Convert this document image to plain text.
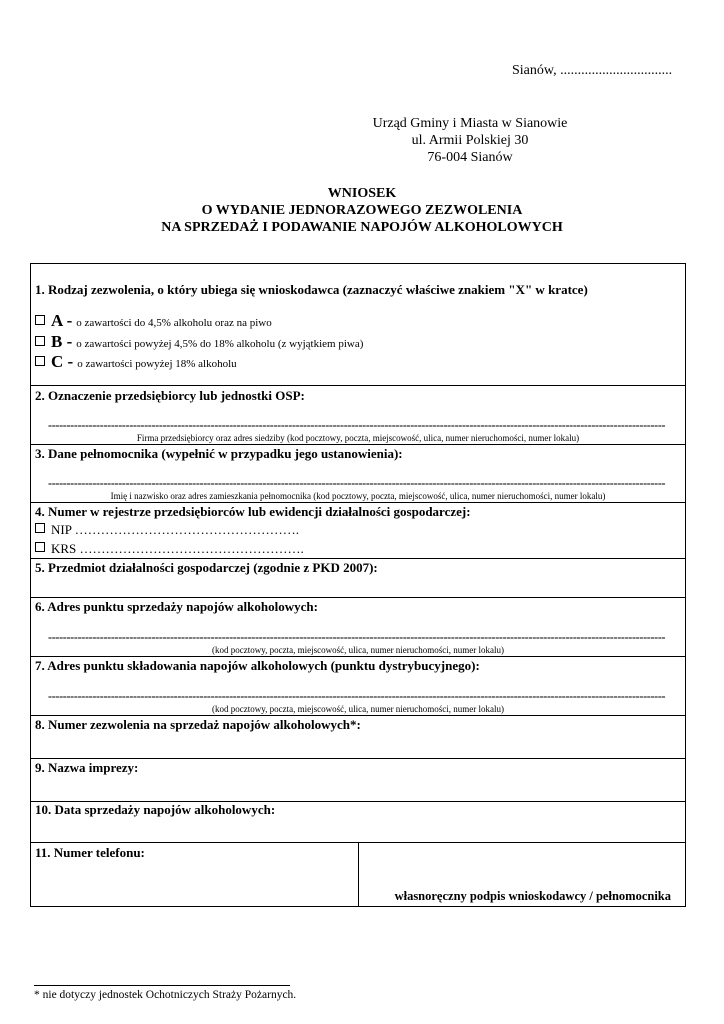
Sianów, ................................
Urząd Gminy i Miasta w Sianowie
ul. Armii Polskiej 30
76-004 Sianów
WNIOSEK
O WYDANIE JEDNORAZOWEGO ZEZWOLENIA
NA SPRZEDAŻ I PODAWANIE NAPOJÓW ALKOHOLOWYCH
1. Rodzaj zezwolenia, o który ubiega się wnioskodawca (zaznaczyć właściwe znakiem "X" w kratce)
A - o zawartości do 4,5% alkoholu oraz na piwo
B - o zawartości powyżej 4,5% do 18% alkoholu (z wyjątkiem piwa)
C - o zawartości powyżej 18% alkoholu
2. Oznaczenie przedsiębiorcy lub jednostki OSP:
-----------------------------------------------------------------------------------------------------------------------------------------------------------------------
Firma przedsiębiorcy oraz adres siedziby (kod pocztowy, poczta, miejscowość, ulica, numer nieruchomości, numer lokalu)
3. Dane pełnomocnika (wypełnić w przypadku jego ustanowienia):
-----------------------------------------------------------------------------------------------------------------------------------------------------------------------
Imię i nazwisko oraz adres zamieszkania pełnomocnika (kod pocztowy, poczta, miejscowość, ulica, numer nieruchomości, numer lokalu)
4. Numer w rejestrze przedsiębiorców lub ewidencji działalności gospodarczej:
NIP …………………………………………….
KRS …………………………………………….
5. Przedmiot działalności gospodarczej (zgodnie z PKD 2007):
6. Adres punktu sprzedaży napojów alkoholowych:
-----------------------------------------------------------------------------------------------------------------------------------------------------------------------
(kod pocztowy, poczta, miejscowość, ulica, numer nieruchomości, numer lokalu)
7. Adres punktu składowania napojów alkoholowych (punktu dystrybucyjnego):
-----------------------------------------------------------------------------------------------------------------------------------------------------------------------
(kod pocztowy, poczta, miejscowość, ulica, numer nieruchomości, numer lokalu)
8. Numer zezwolenia na sprzedaż napojów alkoholowych*:
9. Nazwa imprezy:
10. Data sprzedaży napojów alkoholowych:
11. Numer telefonu:
własnoręczny podpis wnioskodawcy / pełnomocnika
* nie dotyczy jednostek Ochotniczych Straży Pożarnych.
